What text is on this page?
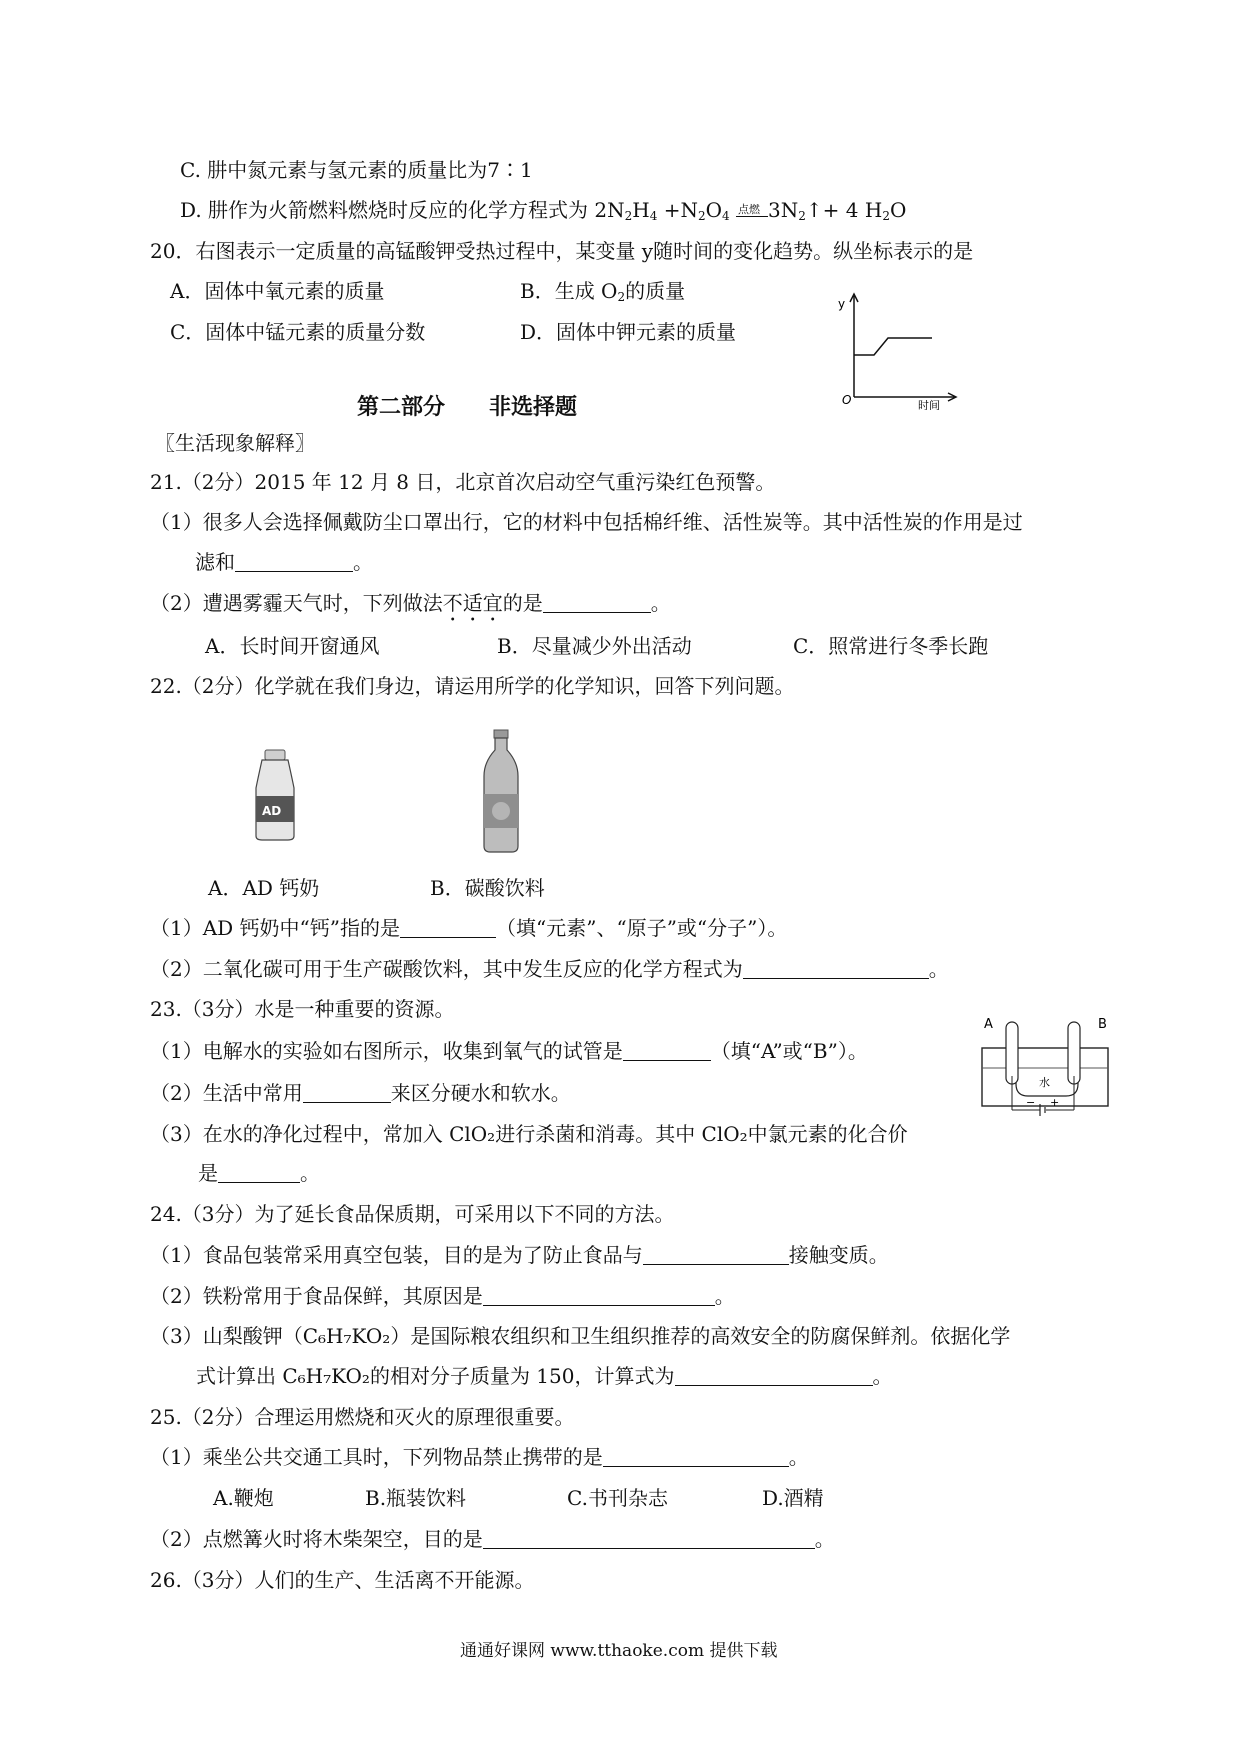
C. 肼中氮元素与氢元素的质量比为7∶1
D. 肼作为火箭燃料燃烧时反应的化学方程式为 $2N_2H_4 +N_2O_4$ 点燃 $3N_2↑+ 4$ $H_2O$
20．右图表示一定质量的高锰酸钾受热过程中，某变量 y随时间的变化趋势。纵坐标表示的是
A．固体中氧元素的质量	B．生成 $O_2$的质量
C．固体中锰元素的质量分数	D．固体中钾元素的质量
y
O	时间
第二部分　　非选择题
〖生活现象解释〗
21.（2分）2015 年 12 月 8 日，北京首次启动空气重污染红色预警。
（1）很多人会选择佩戴防尘口罩出行，它的材料中包括棉纤维、活性炭等。其中活性炭的作用是过
滤和	。
（2）遭遇雾霾天气时，下列做法不适宜的是	。
A．长时间开窗通风	B．尽量减少外出活动	C．照常进行冬季长跑
22.（2分）化学就在我们身边，请运用所学的化学知识，回答下列问题。
AD
A．AD 钙奶	B．碳酸饮料
（1）AD 钙奶中“钙”指的是	（填“元素”、“原子”或“分子”）。
（2）二氧化碳可用于生产碳酸饮料，其中发生反应的化学方程式为	。
23.（3分）水是一种重要的资源。
（1）电解水的实验如右图所示，收集到氧气的试管是	（填“A”或“B”）。
（2）生活中常用	来区分硬水和软水。
（3）在水的净化过程中，常加入 ClO₂进行杀菌和消毒。其中 ClO₂中氯元素的化合价
是	。
A	B
水
− +
24.（3分）为了延长食品保质期，可采用以下不同的方法。
（1）食品包装常采用真空包装，目的是为了防止食品与	接触变质。
（2）铁粉常用于食品保鲜，其原因是	。
（3）山梨酸钾（C₆H₇KO₂）是国际粮农组织和卫生组织推荐的高效安全的防腐保鲜剂。依据化学
式计算出 C₆H₇KO₂的相对分子质量为 150，计算式为	。
25.（2分）合理运用燃烧和灭火的原理很重要。
（1）乘坐公共交通工具时，下列物品禁止携带的是	。
A.鞭炮	B.瓶装饮料	C.书刊杂志	D.酒精
（2）点燃篝火时将木柴架空，目的是	。
26.（3分）人们的生产、生活离不开能源。
通通好课网 www.tthaoke.com 提供下载
